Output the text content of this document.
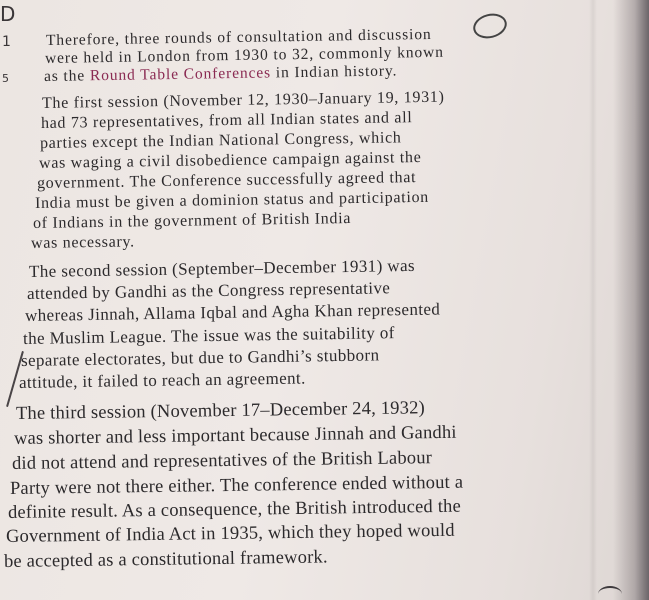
D
1
5
Therefore, three rounds of consultation and discussion
were held in London from 1930 to 32, commonly known
as the Round Table Conferences in Indian history.
The first session (November 12, 1930–January 19, 1931)
had 73 representatives, from all Indian states and all
parties except the Indian National Congress, which
was waging a civil disobedience campaign against the
government. The Conference successfully agreed that
India must be given a dominion status and participation
of Indians in the government of British India
was necessary.
The second session (September–December 1931) was
attended by Gandhi as the Congress representative
whereas Jinnah, Allama Iqbal and Agha Khan represented
the Muslim League. The issue was the suitability of
separate electorates, but due to Gandhi’s stubborn
attitude, it failed to reach an agreement.
The third session (November 17–December 24, 1932)
was shorter and less important because Jinnah and Gandhi
did not attend and representatives of the British Labour
Party were not there either. The conference ended without a
definite result. As a consequence, the British introduced the
Government of India Act in 1935, which they hoped would
be accepted as a constitutional framework.
